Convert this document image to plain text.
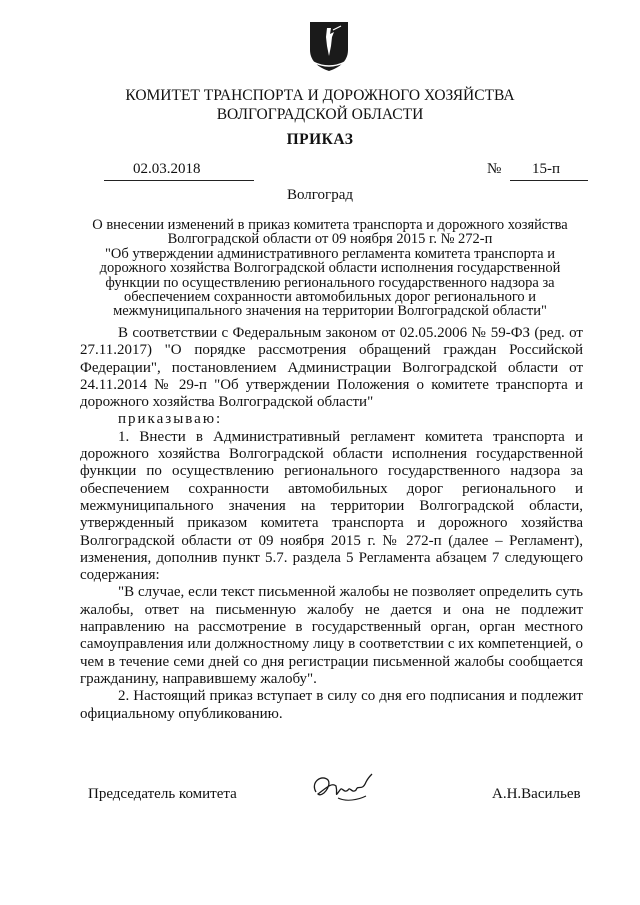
КОМИТЕТ ТРАНСПОРТА И ДОРОЖНОГО ХОЗЯЙСТВА
ВОЛГОГРАДСКОЙ ОБЛАСТИ
ПРИКАЗ
02.03.2018	№ 15-п
Волгоград
О внесении изменений в приказ комитета транспорта и дорожного хозяйства
Волгоградской области от 09 ноября 2015 г. № 272-п
"Об утверждении административного регламента комитета транспорта и
дорожного хозяйства Волгоградской области исполнения государственной
функции по осуществлению регионального государственного надзора за
обеспечением сохранности автомобильных дорог регионального и
межмуниципального значения на территории Волгоградской области"

В соответствии с Федеральным законом от 02.05.2006 № 59-ФЗ (ред. от 27.11.2017) "О порядке рассмотрения обращений граждан Российской Федерации", постановлением Администрации Волгоградской области от 24.11.2014 № 29-п "Об утверждении Положения о комитете транспорта и дорожного хозяйства Волгоградской области"

приказываю:

1. Внести в Административный регламент комитета транспорта и дорожного хозяйства Волгоградской области исполнения государственной функции по осуществлению регионального государственного надзора за обеспечением сохранности автомобильных дорог регионального и межмуниципального значения на территории Волгоградской области, утвержденный приказом комитета транспорта и дорожного хозяйства Волгоградской области от 09 ноября 2015 г. № 272-п (далее – Регламент), изменения, дополнив пункт 5.7. раздела 5 Регламента абзацем 7 следующего содержания:

"В случае, если текст письменной жалобы не позволяет определить суть жалобы, ответ на письменную жалобу не дается и она не подлежит направлению на рассмотрение в государственный орган, орган местного самоуправления или должностному лицу в соответствии с их компетенцией, о чем в течение семи дней со дня регистрации письменной жалобы сообщается гражданину, направившему жалобу".

2. Настоящий приказ вступает в силу со дня его подписания и подлежит официальному опубликованию.

Председатель комитета	А.Н.Васильев
